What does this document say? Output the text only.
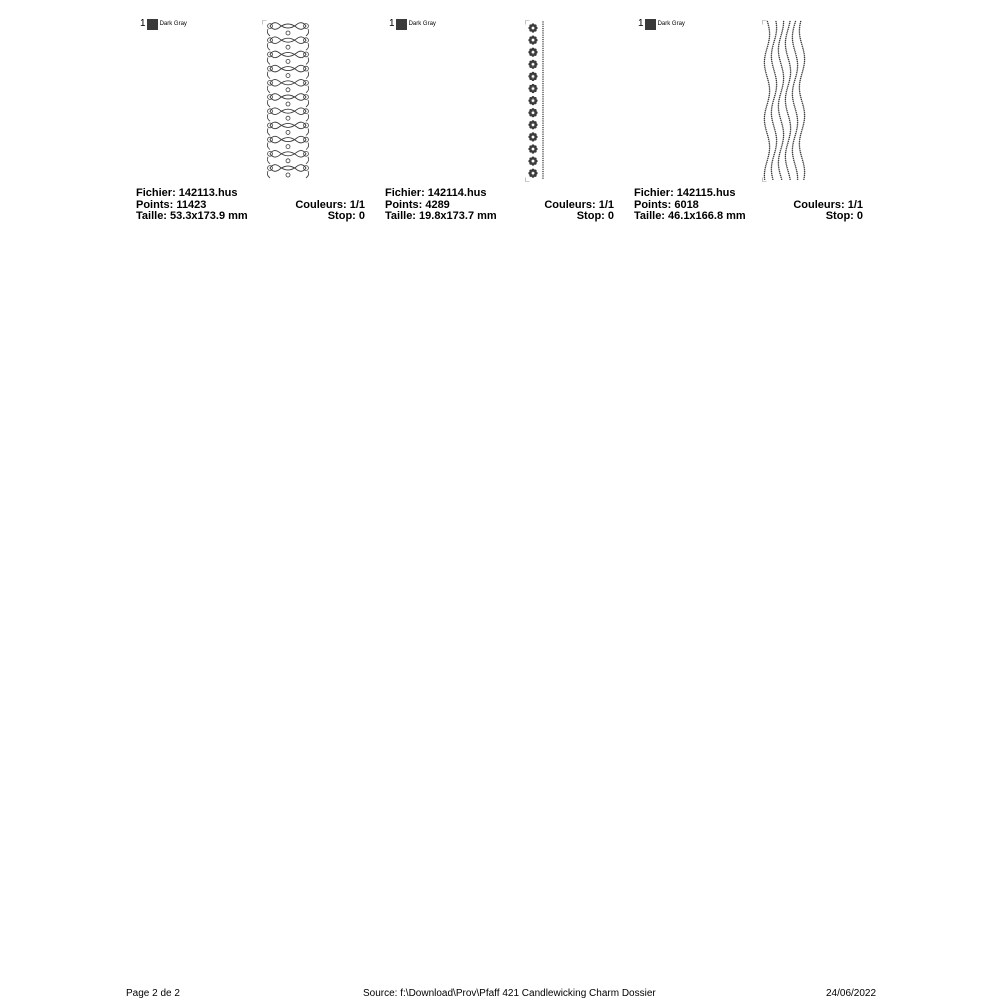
1 Dark Gray
Fichier: 142113.hus
Points: 11423	Couleurs: 1/1
Taille: 53.3x173.9 mm	Stop: 0
1 Dark Gray
Fichier: 142114.hus
Points: 4289	Couleurs: 1/1
Taille: 19.8x173.7 mm	Stop: 0
1 Dark Gray
Fichier: 142115.hus
Points: 6018	Couleurs: 1/1
Taille: 46.1x166.8 mm	Stop: 0
Page 2 de 2	Source: f:\Download\Prov\Pfaff 421 Candlewicking Charm Dossier	24/06/2022
